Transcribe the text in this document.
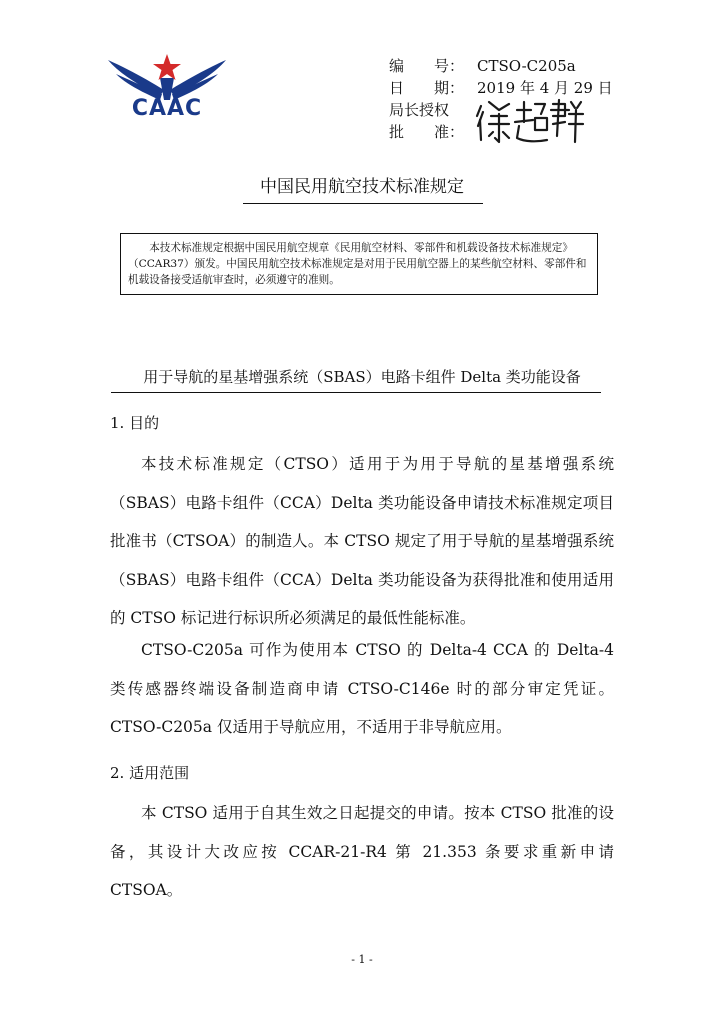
CAAC
编　　号： CTSO-C205a
日　　期： 2019 年 4 月 29 日
局长授权
批　　准：
中国民用航空技术标准规定
本技术标准规定根据中国民用航空规章《民用航空材料、零部件和机载设备技术标准规定》（CCAR37）颁发。中国民用航空技术标准规定是对用于民用航空器上的某些航空材料、零部件和机载设备接受适航审查时，必须遵守的准则。
用于导航的星基增强系统（SBAS）电路卡组件 Delta 类功能设备
1. 目的

本技术标准规定（CTSO）适用于为用于导航的星基增强系统（SBAS）电路卡组件（CCA）Delta 类功能设备申请技术标准规定项目批准书（CTSOA）的制造人。本 CTSO 规定了用于导航的星基增强系统（SBAS）电路卡组件（CCA）Delta 类功能设备为获得批准和使用适用的 CTSO 标记进行标识所必须满足的最低性能标准。

CTSO-C205a 可作为使用本 CTSO 的 Delta-4 CCA 的 Delta-4 类传感器终端设备制造商申请 CTSO-C146e 时的部分审定凭证。CTSO-C205a 仅适用于导航应用，不适用于非导航应用。

2. 适用范围

本 CTSO 适用于自其生效之日起提交的申请。按本 CTSO 批准的设备，其设计大改应按 CCAR-21-R4 第 21.353 条要求重新申请 CTSOA。

- 1 -
